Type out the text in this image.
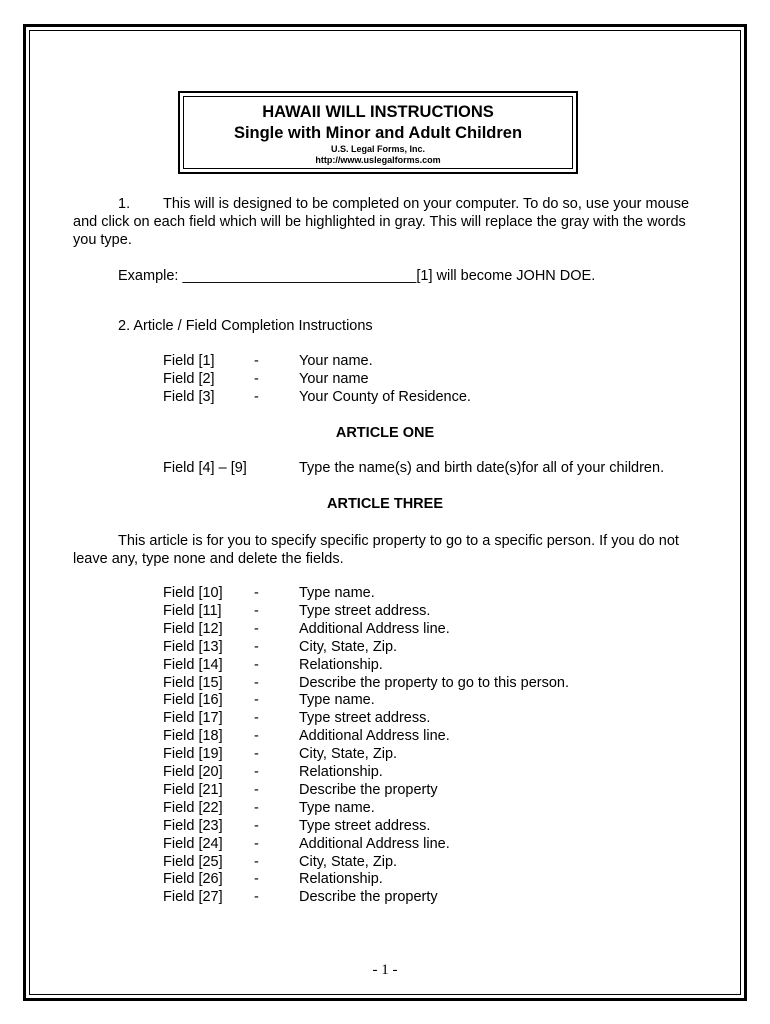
HAWAII WILL INSTRUCTIONS
Single with Minor and Adult Children
U.S. Legal Forms, Inc.
http://www.uslegalforms.com
1. This will is designed to be completed on your computer. To do so, use your mouse and click on each field which will be highlighted in gray. This will replace the gray with the words you type.
Example: _____________________________[1] will become JOHN DOE.
2. Article / Field Completion Instructions
Field [1]	-	Your name.
Field [2]	-	Your name
Field [3]	-	Your County of Residence.
ARTICLE ONE
Field [4] – [9]	Type the name(s) and birth date(s)for all of your children.
ARTICLE THREE
This article is for you to specify specific property to go to a specific person. If you do not leave any, type none and delete the fields.
Field [10] -	Type name.
Field [11] -	Type street address.
Field [12] -	Additional Address line.
Field [13] -	City, State, Zip.
Field [14] -	Relationship.
Field [15] -	Describe the property to go to this person.
Field [16] -	Type name.
Field [17] -	Type street address.
Field [18] -	Additional Address line.
Field [19] -	City, State, Zip.
Field [20] -	Relationship.
Field [21] -	Describe the property
Field [22] -	Type name.
Field [23] -	Type street address.
Field [24] -	Additional Address line.
Field [25] -	City, State, Zip.
Field [26] -	Relationship.
Field [27] -	Describe the property
- 1 -
